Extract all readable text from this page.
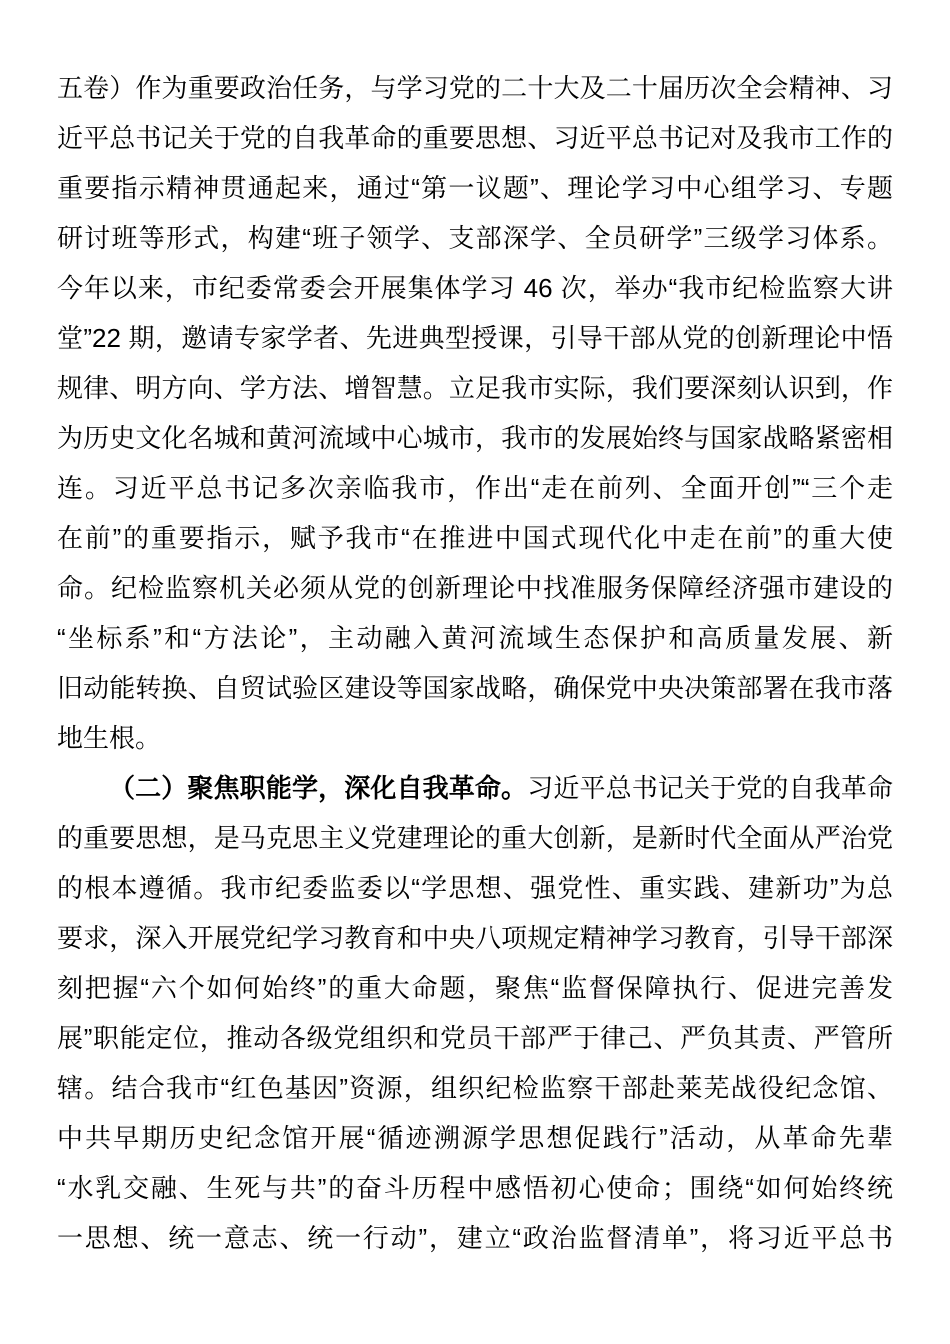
五卷）作为重要政治任务，与学习党的二十大及二十届历次全会精神、习
近平总书记关于党的自我革命的重要思想、习近平总书记对及我市工作的
重要指示精神贯通起来，通过“第一议题”、理论学习中心组学习、专题
研讨班等形式，构建“班子领学、支部深学、全员研学”三级学习体系。
今年以来，市纪委常委会开展集体学习 46 次，举办“我市纪检监察大讲
堂”22 期，邀请专家学者、先进典型授课，引导干部从党的创新理论中悟
规律、明方向、学方法、增智慧。立足我市实际，我们要深刻认识到，作
为历史文化名城和黄河流域中心城市，我市的发展始终与国家战略紧密相
连。习近平总书记多次亲临我市，作出“走在前列、全面开创”“三个走
在前”的重要指示，赋予我市“在推进中国式现代化中走在前”的重大使
命。纪检监察机关必须从党的创新理论中找准服务保障经济强市建设的
“坐标系”和“方法论”，主动融入黄河流域生态保护和高质量发展、新
旧动能转换、自贸试验区建设等国家战略，确保党中央决策部署在我市落
地生根。
（二）聚焦职能学，深化自我革命。习近平总书记关于党的自我革命
的重要思想，是马克思主义党建理论的重大创新，是新时代全面从严治党
的根本遵循。我市纪委监委以“学思想、强党性、重实践、建新功”为总
要求，深入开展党纪学习教育和中央八项规定精神学习教育，引导干部深
刻把握“六个如何始终”的重大命题，聚焦“监督保障执行、促进完善发
展”职能定位，推动各级党组织和党员干部严于律己、严负其责、严管所
辖。结合我市“红色基因”资源，组织纪检监察干部赴莱芜战役纪念馆、
中共早期历史纪念馆开展“循迹溯源学思想促践行”活动，从革命先辈
“水乳交融、生死与共”的奋斗历程中感悟初心使命；围绕“如何始终统
一思想、统一意志、统一行动”，建立“政治监督清单”，将习近平总书
